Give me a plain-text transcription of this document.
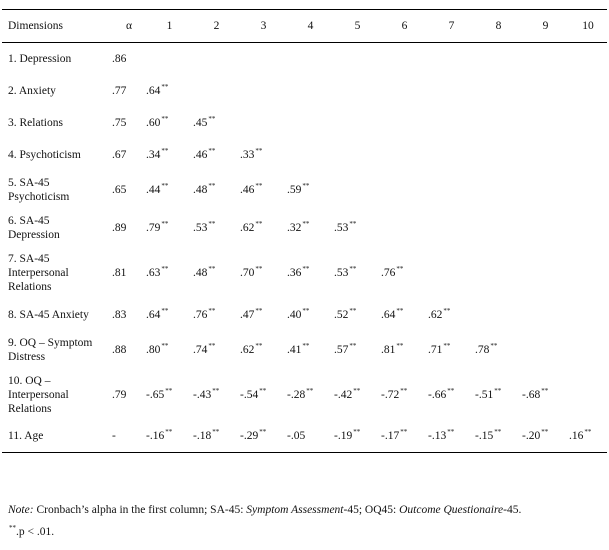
Dimensions	α	1	2	3	4	5	6	7	8	9	10

1. Depression	.86										

2. Anxiety	.77	.64**									

3. Relations	.75	.60**	.45**								

4. Psychoticism	.67	.34**	.46**	.33**							

5. SA-45
Psychoticism	.65	.44**	.48**	.46**	.59**						

6. SA-45
Depression	.89	.79**	.53**	.62**	.32**	.53**					

7. SA-45
Interpersonal
Relations	.81	.63**	.48**	.70**	.36**	.53**	.76**				

8. SA-45 Anxiety	.83	.64**	.76**	.47**	.40**	.52**	.64**	.62**			

9. OQ – Symptom
Distress	.88	.80**	.74**	.62**	.41**	.57**	.81**	.71**	.78**		

10. OQ –
Interpersonal
Relations	.79	-.65**	-.43**	-.54**	-.28**	-.42**	-.72**	-.66**	-.51**	-.68**	

11. Age	-	-.16**	-.18**	-.29**	-.05	-.19**	-.17**	-.13**	-.15**	-.20**	.16**
Note: Cronbach’s alpha in the first column; SA-45: Symptom Assessment-45; OQ45: Outcome Questionaire-45.
**.p < .01.
